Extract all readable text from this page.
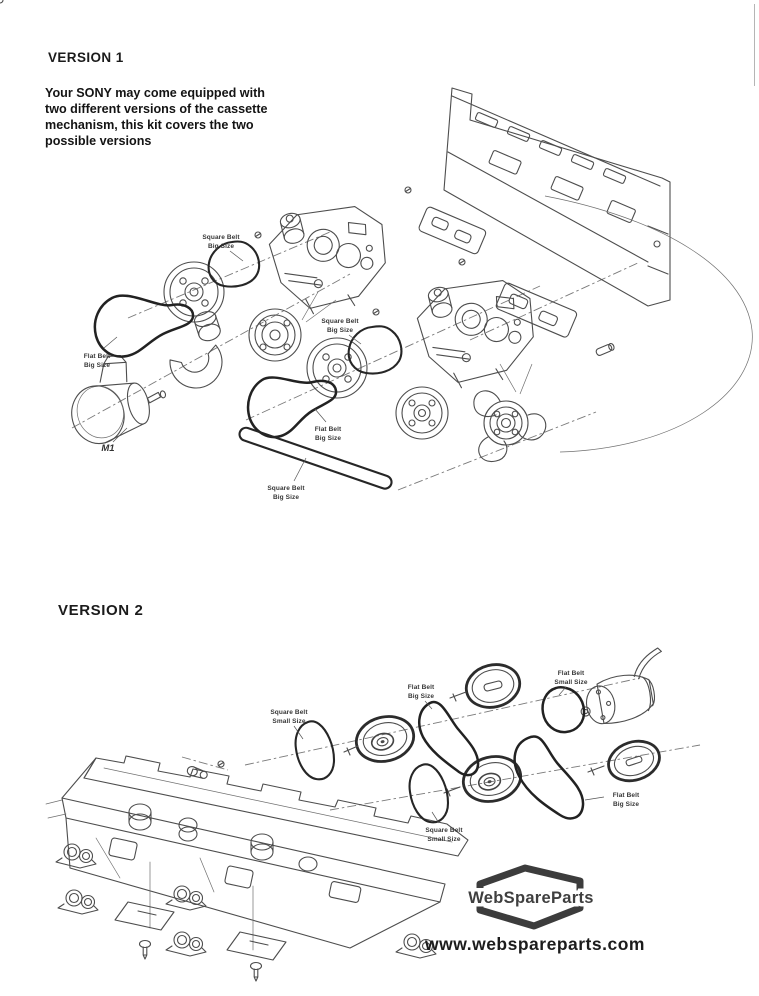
VERSION 1
Your SONY may come equipped with
two different versions of the cassette
mechanism, this kit covers the two
possible versions
VERSION 2
Square Belt
Big Size
Flat Belt
Big Size
M1
Square Belt
Big Size
Flat Belt
Big Size
Square Belt
Big Size
Square Belt
Small Size
Flat Belt
Big Size
Flat Belt
Small Size
Flat Belt
Big Size
Square Belt
Small Size
WebSpareParts
www.webspareparts.com
